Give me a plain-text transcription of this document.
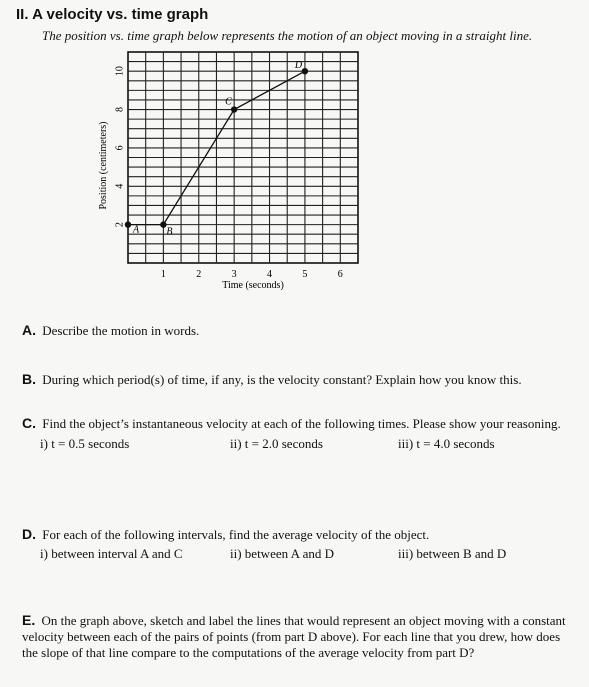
II. A velocity vs. time graph
The position vs. time graph below represents the motion of an object moving in a straight line.
1	2	3	4	5	6
2
4
6
8
10
Time (seconds)
Position (centimeters)
A	B
C
D
A. Describe the motion in words.
B. During which period(s) of time, if any, is the velocity constant? Explain how you know this.
C. Find the object’s instantaneous velocity at each of the following times. Please show your reasoning.
i) t = 0.5 seconds	ii) t = 2.0 seconds	iii) t = 4.0 seconds
D. For each of the following intervals, find the average velocity of the object.
i) between interval A and C	ii) between A and D	iii) between B and D
E. On the graph above, sketch and label the lines that would represent an object moving with a constant velocity between each of the pairs of points (from part D above). For each line that you drew, how does the slope of that line compare to the computations of the average velocity from part D?
